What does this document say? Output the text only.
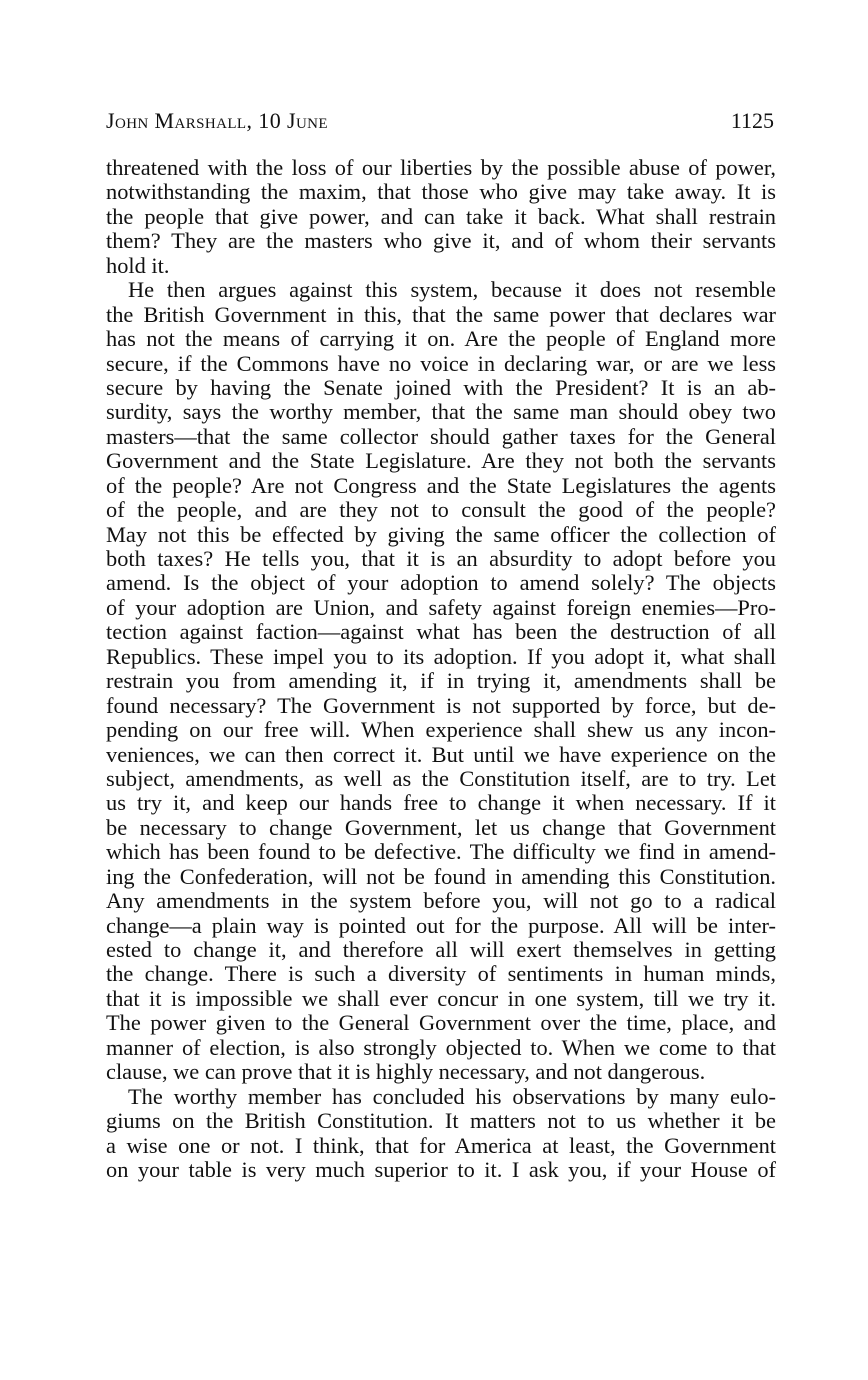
John Marshall, 10 June	1125
threatened with the loss of our liberties by the possible abuse of power,
notwithstanding the maxim, that those who give may take away. It is
the people that give power, and can take it back. What shall restrain
them? They are the masters who give it, and of whom their servants
hold it.
He then argues against this system, because it does not resemble
the British Government in this, that the same power that declares war
has not the means of carrying it on. Are the people of England more
secure, if the Commons have no voice in declaring war, or are we less
secure by having the Senate joined with the President? It is an ab-
surdity, says the worthy member, that the same man should obey two
masters—that the same collector should gather taxes for the General
Government and the State Legislature. Are they not both the servants
of the people? Are not Congress and the State Legislatures the agents
of the people, and are they not to consult the good of the people?
May not this be effected by giving the same officer the collection of
both taxes? He tells you, that it is an absurdity to adopt before you
amend. Is the object of your adoption to amend solely? The objects
of your adoption are Union, and safety against foreign enemies—Pro-
tection against faction—against what has been the destruction of all
Republics. These impel you to its adoption. If you adopt it, what shall
restrain you from amending it, if in trying it, amendments shall be
found necessary? The Government is not supported by force, but de-
pending on our free will. When experience shall shew us any incon-
veniences, we can then correct it. But until we have experience on the
subject, amendments, as well as the Constitution itself, are to try. Let
us try it, and keep our hands free to change it when necessary. If it
be necessary to change Government, let us change that Government
which has been found to be defective. The difficulty we find in amend-
ing the Confederation, will not be found in amending this Constitution.
Any amendments in the system before you, will not go to a radical
change—a plain way is pointed out for the purpose. All will be inter-
ested to change it, and therefore all will exert themselves in getting
the change. There is such a diversity of sentiments in human minds,
that it is impossible we shall ever concur in one system, till we try it.
The power given to the General Government over the time, place, and
manner of election, is also strongly objected to. When we come to that
clause, we can prove that it is highly necessary, and not dangerous.
The worthy member has concluded his observations by many eulo-
giums on the British Constitution. It matters not to us whether it be
a wise one or not. I think, that for America at least, the Government
on your table is very much superior to it. I ask you, if your House of
